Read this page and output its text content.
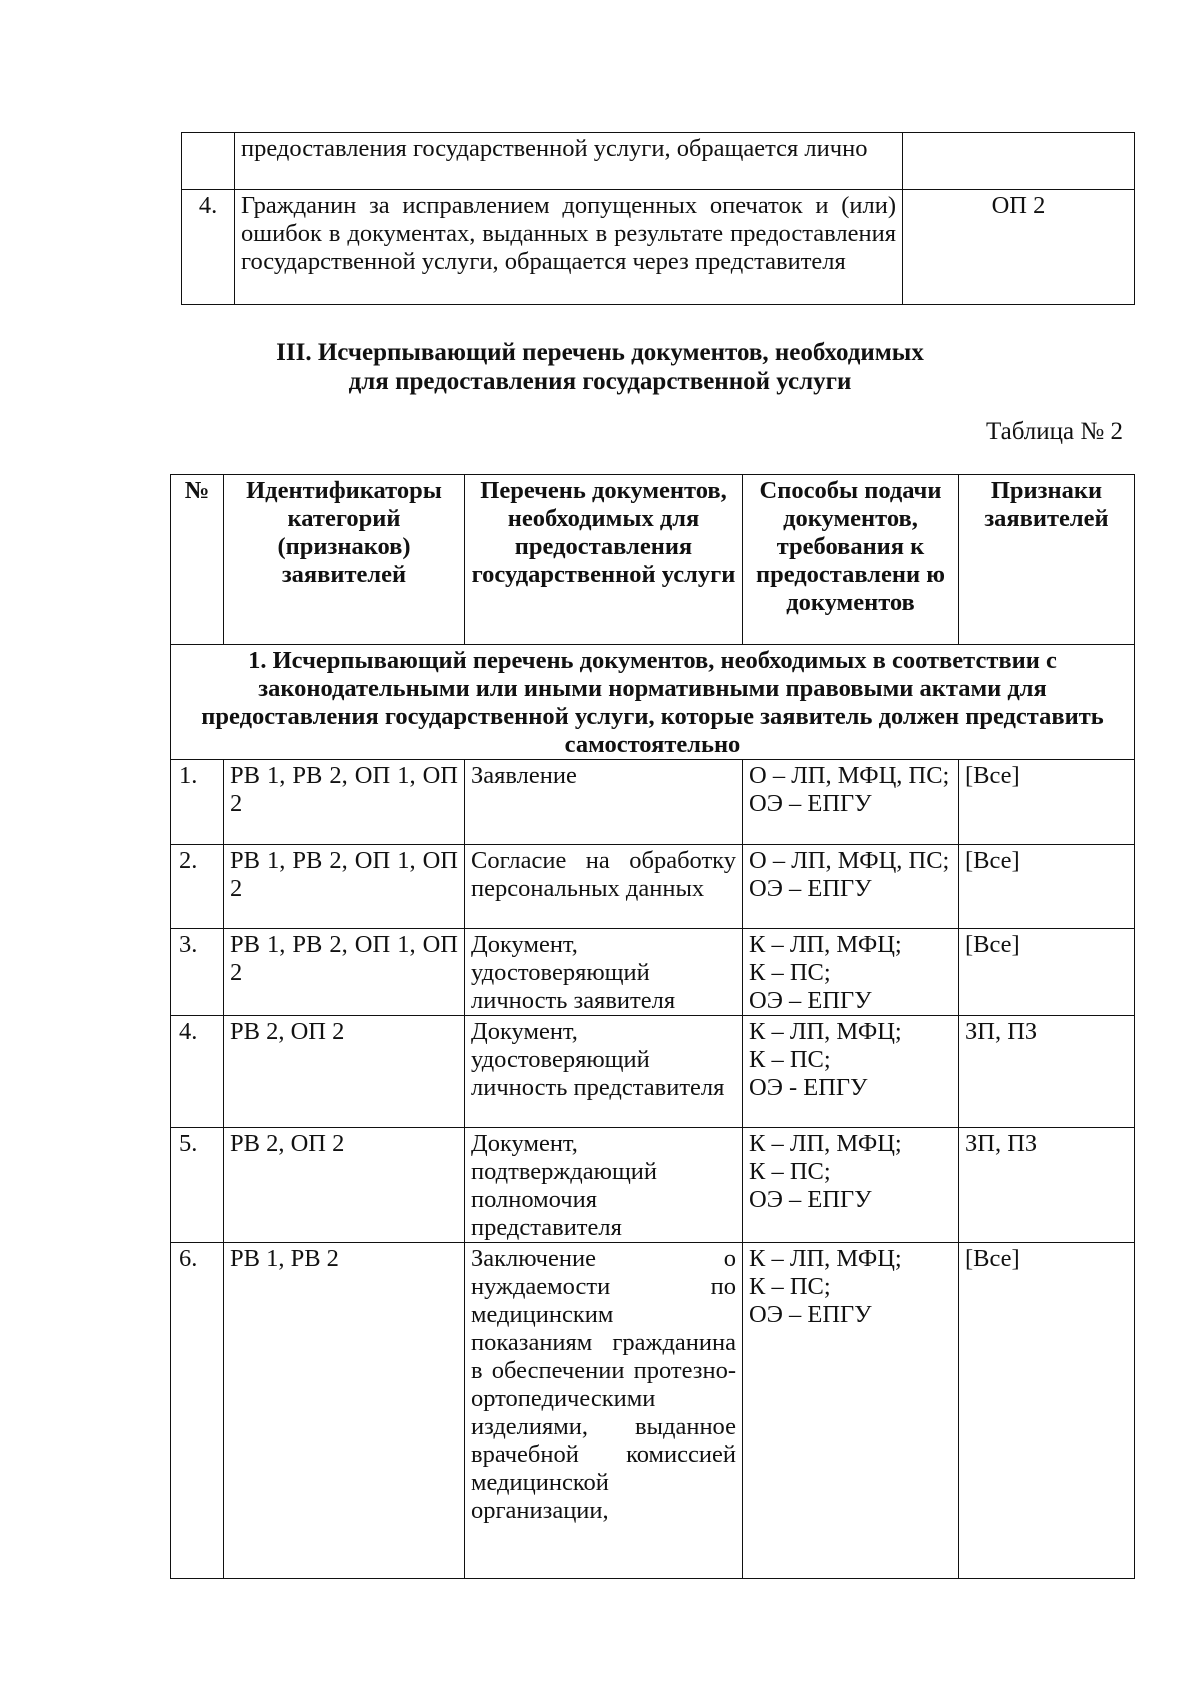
	предоставления государственной услуги, обращается лично	
4.	Гражданин за исправлением допущенных опечаток и (или) ошибок в документах, выданных в результате предоставления государственной услуги, обращается через представителя	ОП 2
III. Исчерпывающий перечень документов, необходимых
для предоставления государственной услуги
Таблица № 2
№	Идентификаторы категорий (признаков) заявителей	Перечень документов, необходимых для предоставления государственной услуги	Способы подачи документов, требования к предоставлени ю документов	Признаки заявителей
1. Исчерпывающий перечень документов, необходимых в соответствии с законодательными или иными нормативными правовыми актами для предоставления государственной услуги, которые заявитель должен представить самостоятельно				
1.	РВ 1, РВ 2, ОП 1, ОП 2	Заявление	О – ЛП, МФЦ, ПС;
ОЭ – ЕПГУ	[Все]
2.	РВ 1, РВ 2, ОП 1, ОП 2	Согласие на обработку персональных данных	О – ЛП, МФЦ, ПС;
ОЭ – ЕПГУ	[Все]
3.	РВ 1, РВ 2, ОП 1, ОП 2	Документ, удостоверяющий личность заявителя	К – ЛП, МФЦ;
К – ПС;
ОЭ – ЕПГУ	[Все]
4.	РВ 2, ОП 2	Документ, удостоверяющий личность представителя	К – ЛП, МФЦ;
К – ПС;
ОЭ - ЕПГУ	ЗП, ПЗ
5.	РВ 2, ОП 2	Документ, подтверждающий полномочия представителя	К – ЛП, МФЦ;
К – ПС;
ОЭ – ЕПГУ	ЗП, ПЗ
6.	РВ 1, РВ 2	Заключение о нуждаемости по медицинским показаниям гражданина в обеспечении протезно-ортопедическими изделиями, выданное врачебной комиссией медицинской организации,	К – ЛП, МФЦ;
К – ПС;
ОЭ – ЕПГУ	[Все]
